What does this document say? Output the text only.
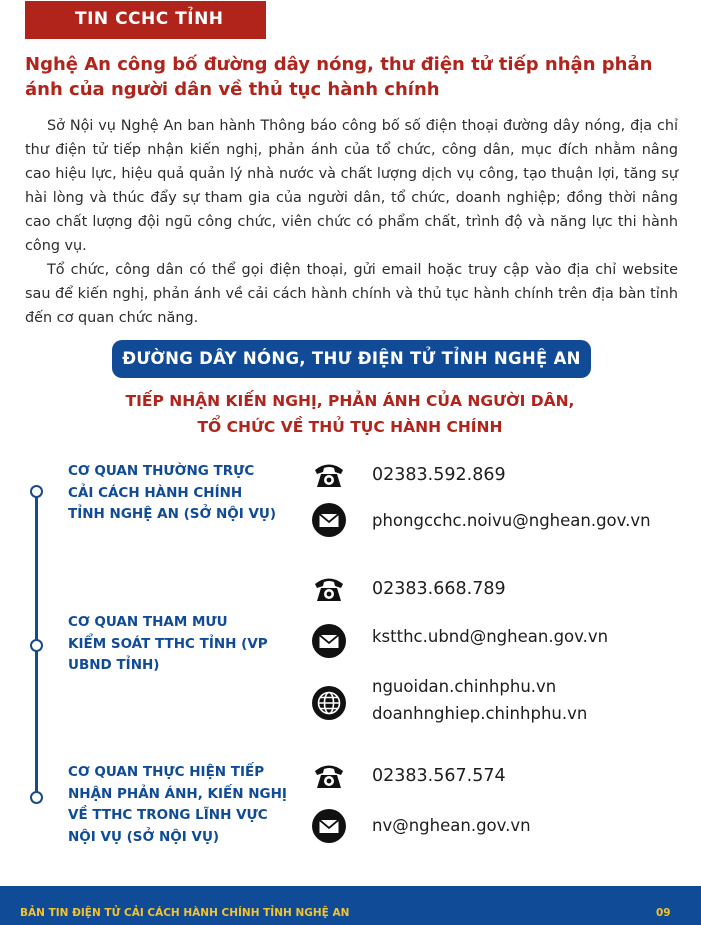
TIN CCHC TỈNH
Nghệ An công bố đường dây nóng, thư điện tử tiếp nhận phản ánh của người dân về thủ tục hành chính

Sở Nội vụ Nghệ An ban hành Thông báo công bố số điện thoại đường dây nóng, địa chỉ thư điện tử tiếp nhận kiến nghị, phản ánh của tổ chức, công dân, mục đích nhằm nâng cao hiệu lực, hiệu quả quản lý nhà nước và chất lượng dịch vụ công, tạo thuận lợi, tăng sự hài lòng và thúc đẩy sự tham gia của người dân, tổ chức, doanh nghiệp; đồng thời nâng cao chất lượng đội ngũ công chức, viên chức có phẩm chất, trình độ và năng lực thi hành công vụ.

Tổ chức, công dân có thể gọi điện thoại, gửi email hoặc truy cập vào địa chỉ website sau để kiến nghị, phản ánh về cải cách hành chính và thủ tục hành chính trên địa bàn tỉnh đến cơ quan chức năng.

ĐƯỜNG DÂY NÓNG, THƯ ĐIỆN TỬ TỈNH NGHỆ AN
TIẾP NHẬN KIẾN NGHỊ, PHẢN ÁNH CỦA NGƯỜI DÂN,
TỔ CHỨC VỀ THỦ TỤC HÀNH CHÍNH
CƠ QUAN THƯỜNG TRỰC
CẢI CÁCH HÀNH CHÍNH
TỈNH NGHỆ AN (SỞ NỘI VỤ)
02383.592.869
phongcchc.noivu@nghean.gov.vn
CƠ QUAN THAM MƯU
KIỂM SOÁT TTHC TỈNH (VP
UBND TỈNH)
02383.668.789
kstthc.ubnd@nghean.gov.vn
nguoidan.chinhphu.vn
doanhnghiep.chinhphu.vn
CƠ QUAN THỰC HIỆN TIẾP
NHẬN PHẢN ÁNH, KIẾN NGHỊ
VỀ TTHC TRONG LĨNH VỰC
NỘI VỤ (SỞ NỘI VỤ)
02383.567.574
nv@nghean.gov.vn
BẢN TIN ĐIỆN TỬ CẢI CÁCH HÀNH CHÍNH TỈNH NGHỆ AN	09
